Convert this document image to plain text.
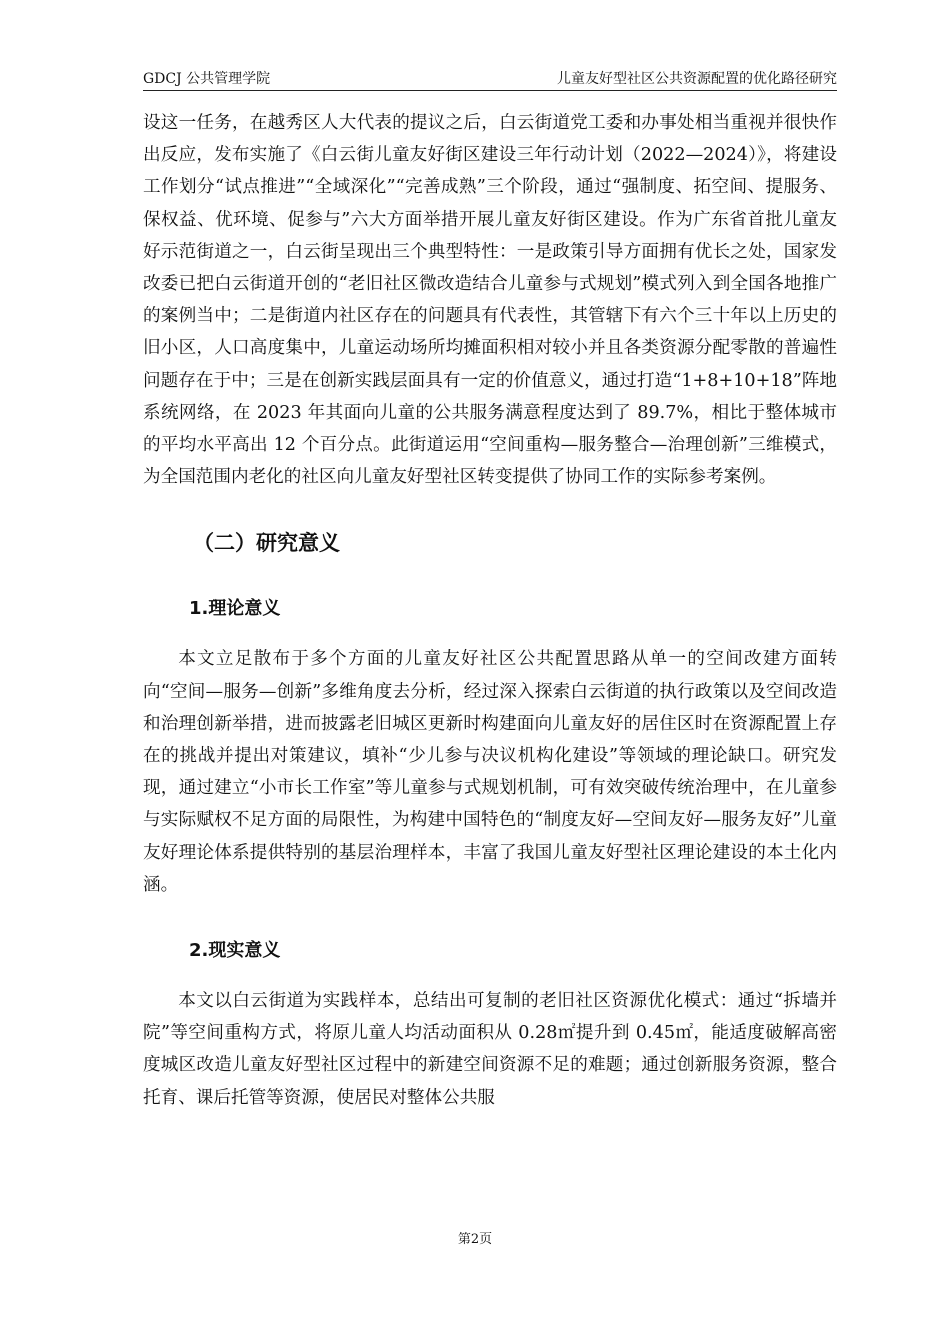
GDCJ 公共管理学院	儿童友好型社区公共资源配置的优化路径研究

设这一任务，在越秀区人大代表的提议之后，白云街道党工委和办事处相当重视并很快作出反应，发布实施了《白云街儿童友好街区建设三年行动计划（2022—2024）》，将建设工作划分“试点推进”“全域深化”“完善成熟”三个阶段，通过“强制度、拓空间、提服务、保权益、优环境、促参与”六大方面举措开展儿童友好街区建设。作为广东省首批儿童友好示范街道之一，白云街呈现出三个典型特性：一是政策引导方面拥有优长之处，国家发改委已把白云街道开创的“老旧社区微改造结合儿童参与式规划”模式列入到全国各地推广的案例当中；二是街道内社区存在的问题具有代表性，其管辖下有六个三十年以上历史的旧小区，人口高度集中，儿童运动场所均摊面积相对较小并且各类资源分配零散的普遍性问题存在于中；三是在创新实践层面具有一定的价值意义，通过打造“1+8+10+18”阵地系统网络，在 2023 年其面向儿童的公共服务满意程度达到了 89.7%，相比于整体城市的平均水平高出 12 个百分点。此街道运用“空间重构—服务整合—治理创新”三维模式，为全国范围内老化的社区向儿童友好型社区转变提供了协同工作的实际参考案例。

（二）研究意义
1.理论意义

本文立足散布于多个方面的儿童友好社区公共配置思路从单一的空间改建方面转向“空间—服务—创新”多维角度去分析，经过深入探索白云街道的执行政策以及空间改造和治理创新举措，进而披露老旧城区更新时构建面向儿童友好的居住区时在资源配置上存在的挑战并提出对策建议，填补“少儿参与决议机构化建设”等领域的理论缺口。研究发现，通过建立“小市长工作室”等儿童参与式规划机制，可有效突破传统治理中，在儿童参与实际赋权不足方面的局限性，为构建中国特色的“制度友好—空间友好—服务友好”儿童友好理论体系提供特别的基层治理样本，丰富了我国儿童友好型社区理论建设的本土化内涵。

2.现实意义

本文以白云街道为实践样本，总结出可复制的老旧社区资源优化模式：通过“拆墙并院”等空间重构方式，将原儿童人均活动面积从 0.28㎡提升到 0.45㎡，能适度破解高密度城区改造儿童友好型社区过程中的新建空间资源不足的难题；通过创新服务资源，整合托育、课后托管等资源，使居民对整体公共服

第2页
